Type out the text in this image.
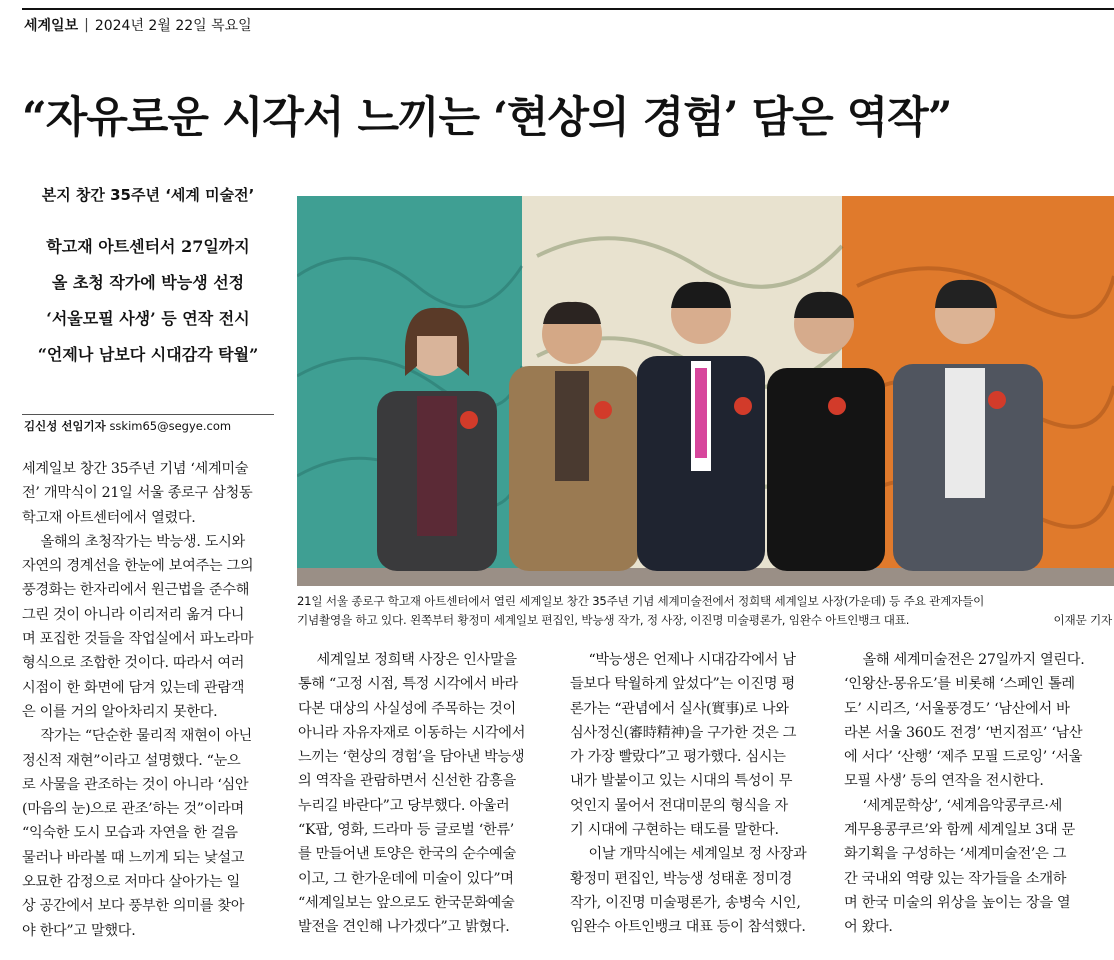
세계일보 | 2024년 2월 22일 목요일
“자유로운 시각서 느끼는 ‘현상의 경험’ 담은 역작”
본지 창간 35주년 ‘세계 미술전’
학고재 아트센터서 27일까지
올 초청 작가에 박능생 선정
‘서울모필 사생’ 등 연작 전시
“언제나 남보다 시대감각 탁월”
김신성 선임기자 sskim65@segye.com

세계일보 창간 35주년 기념 ‘세계미술

전’ 개막식이 21일 서울 종로구 삼청동

학고재 아트센터에서 열렸다.

올해의 초청작가는 박능생. 도시와

자연의 경계선을 한눈에 보여주는 그의

풍경화는 한자리에서 원근법을 준수해

그린 것이 아니라 이리저리 옮겨 다니

며 포집한 것들을 작업실에서 파노라마

형식으로 조합한 것이다. 따라서 여러

시점이 한 화면에 담겨 있는데 관람객

은 이를 거의 알아차리지 못한다.

작가는 “단순한 물리적 재현이 아닌

정신적 재현”이라고 설명했다. “눈으

로 사물을 관조하는 것이 아니라 ‘심안

(마음의 눈)으로 관조’하는 것”이라며

“익숙한 도시 모습과 자연을 한 걸음

물러나 바라볼 때 느끼게 되는 낯설고

오묘한 감정으로 저마다 살아가는 일

상 공간에서 보다 풍부한 의미를 찾아

야 한다”고 말했다.

세계일보 정희택 사장은 인사말을

통해 “고정 시점, 특정 시각에서 바라

다본 대상의 사실성에 주목하는 것이

아니라 자유자재로 이동하는 시각에서

느끼는 ‘현상의 경험’을 담아낸 박능생

의 역작을 관람하면서 신선한 감흥을

누리길 바란다”고 당부했다. 아울러

“K팝, 영화, 드라마 등 글로벌 ‘한류’

를 만들어낸 토양은 한국의 순수예술

이고, 그 한가운데에 미술이 있다”며

“세계일보는 앞으로도 한국문화예술

발전을 견인해 나가겠다”고 밝혔다.

“박능생은 언제나 시대감각에서 남

들보다 탁월하게 앞섰다”는 이진명 평

론가는 “관념에서 실사(實事)로 나와

심사정신(審時精神)을 구가한 것은 그

가 가장 빨랐다”고 평가했다. 심시는

내가 발붙이고 있는 시대의 특성이 무

엇인지 물어서 전대미문의 형식을 자

기 시대에 구현하는 태도를 말한다.

이날 개막식에는 세계일보 정 사장과

황정미 편집인, 박능생 성태훈 정미경

작가, 이진명 미술평론가, 송병숙 시인,

임완수 아트인뱅크 대표 등이 참석했다.

올해 세계미술전은 27일까지 열린다.

‘인왕산-몽유도’를 비롯해 ‘스페인 톨레

도’ 시리즈, ‘서울풍경도’ ‘남산에서 바

라본 서울 360도 전경’ ‘번지점프’ ‘남산

에 서다’ ‘산행’ ‘제주 모필 드로잉’ ‘서울

모필 사생’ 등의 연작을 전시한다.

‘세계문학상’, ‘세계음악콩쿠르·세

계무용콩쿠르’와 함께 세계일보 3대 문

화기획을 구성하는 ‘세계미술전’은 그

간 국내외 역량 있는 작가들을 소개하

며 한국 미술의 위상을 높이는 장을 열

어 왔다.

21일 서울 종로구 학고재 아트센터에서 열린 세계일보 창간 35주년 기념 세계미술전에서 정희택 세계일보 사장(가운데) 등 주요 관계자들이
기념촬영을 하고 있다. 왼쪽부터 황정미 세계일보 편집인, 박능생 작가, 정 사장, 이진명 미술평론가, 임완수 아트인뱅크 대표.	이재문 기자
